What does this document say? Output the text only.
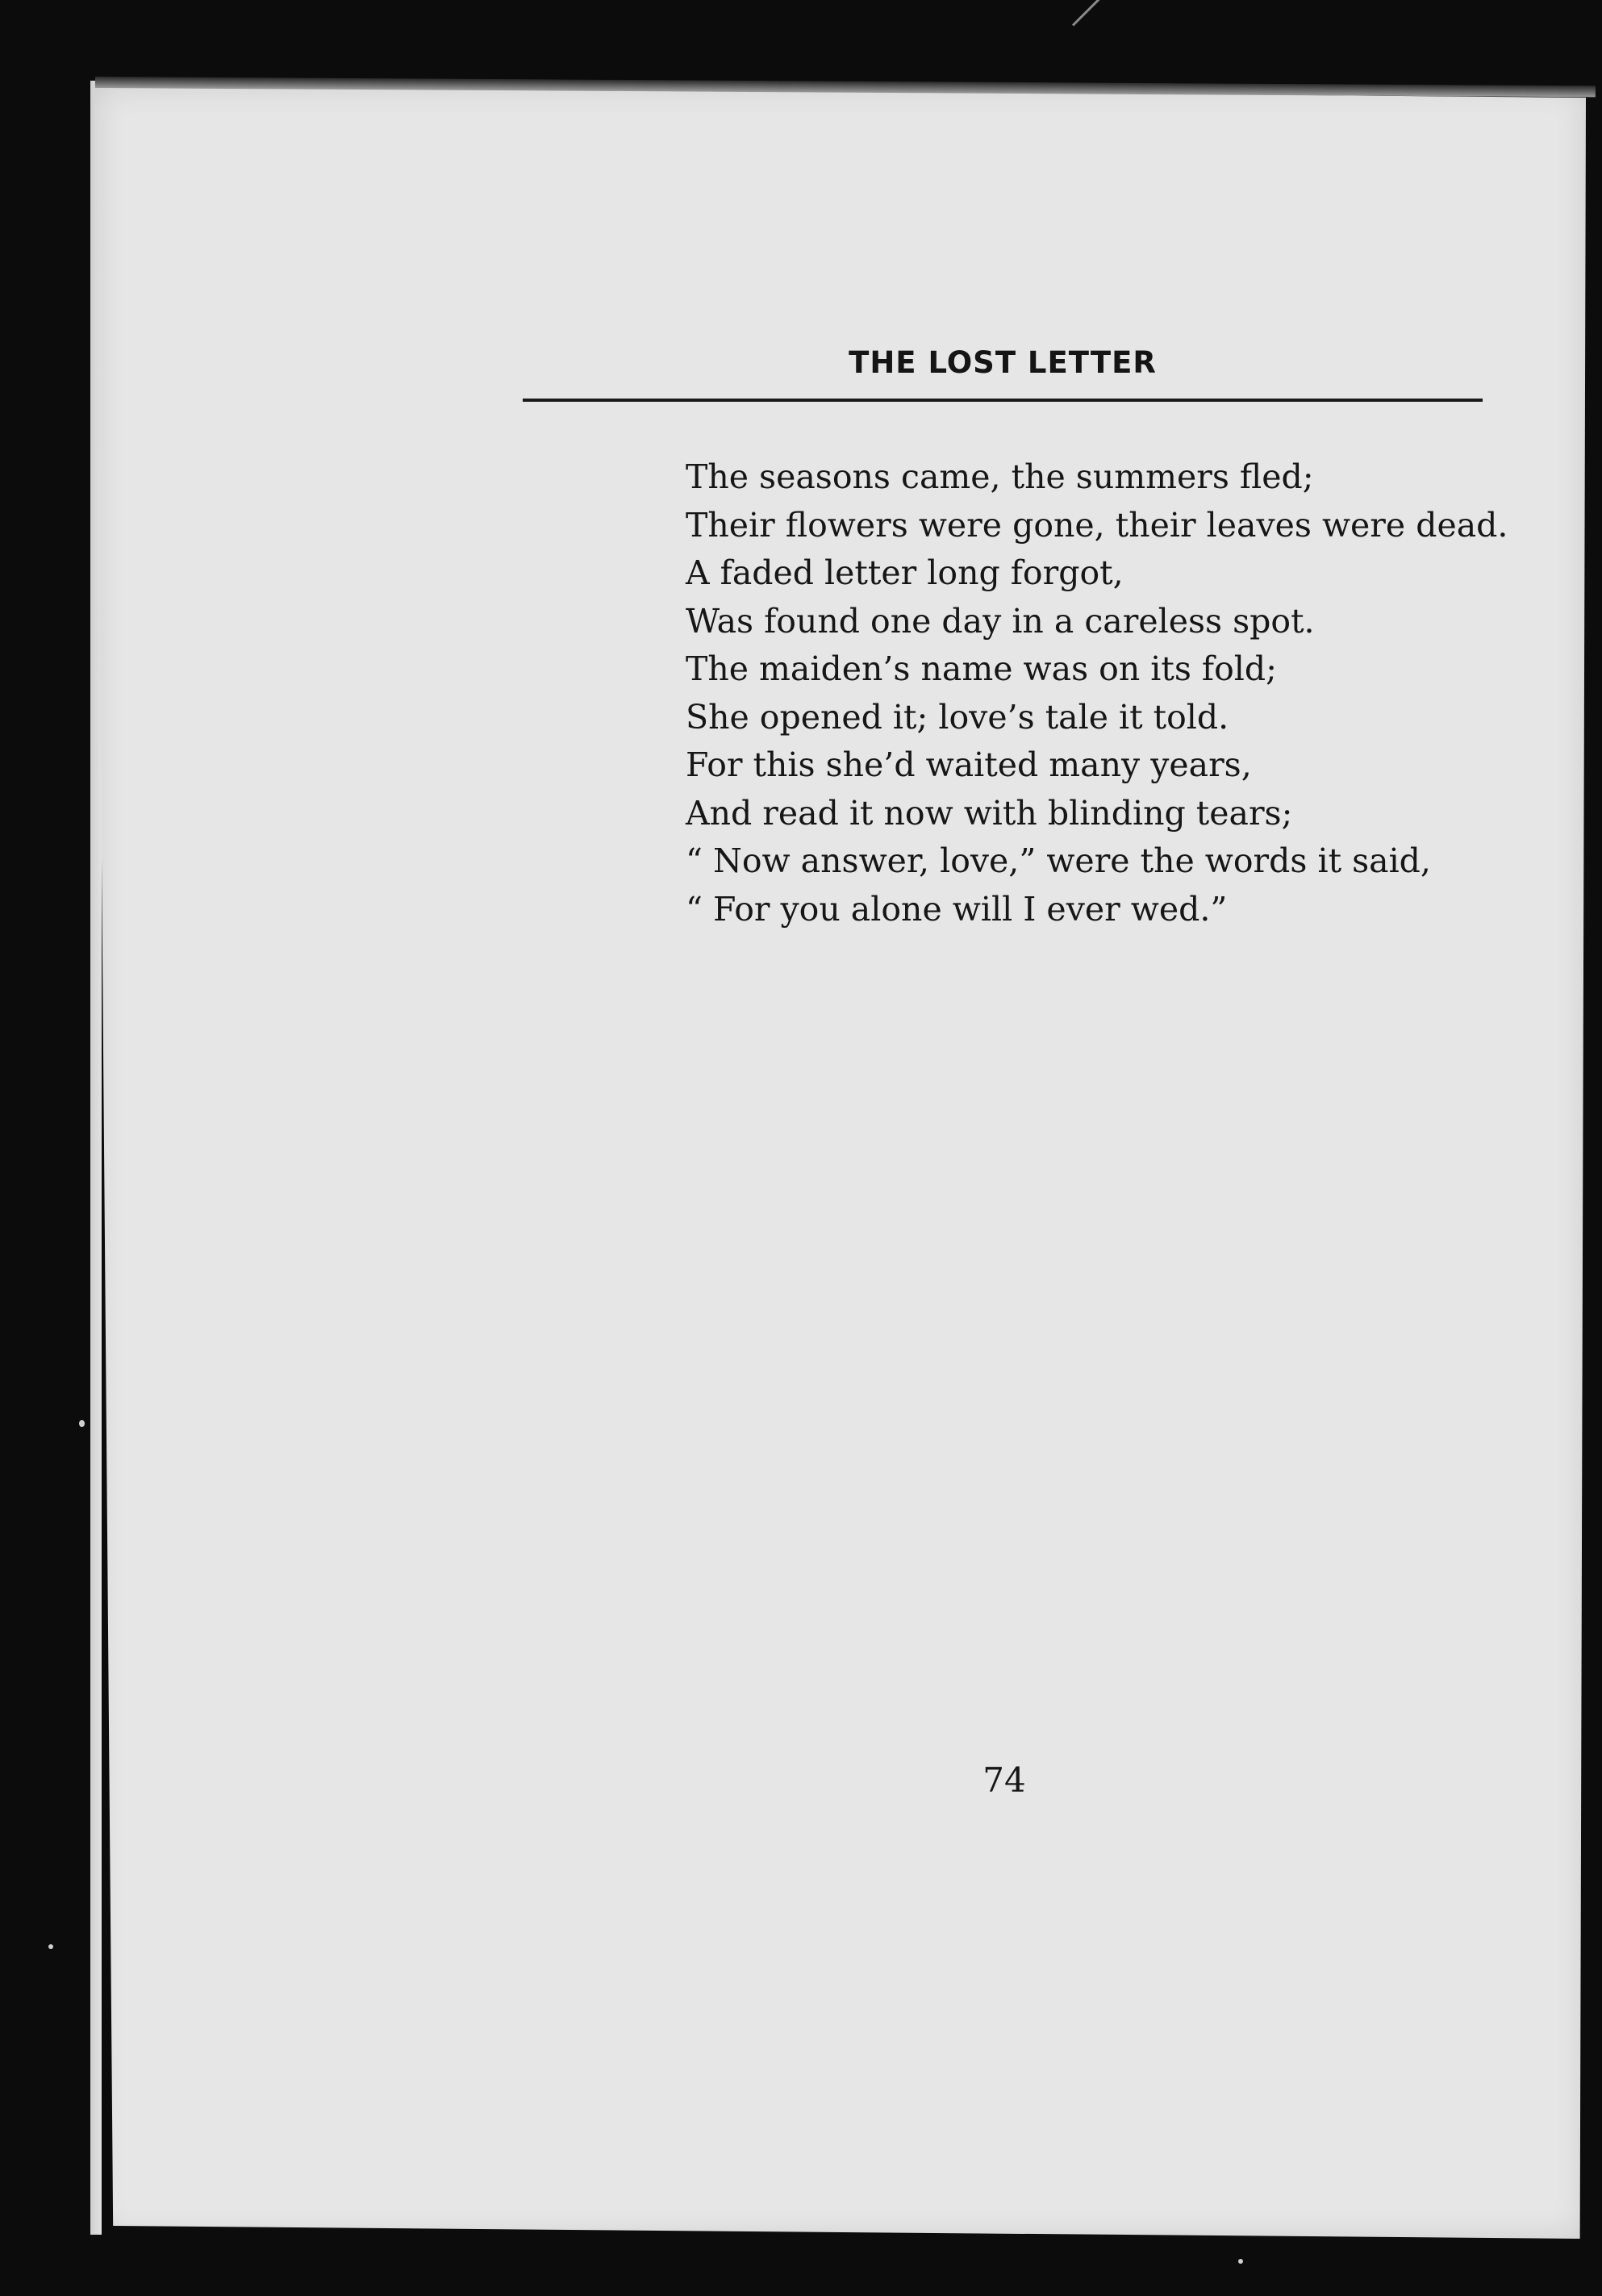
THE LOST LETTER
The seasons came, the summers fled;
Their flowers were gone, their leaves were dead.
A faded letter long forgot,
Was found one day in a careless spot.
The maiden’s name was on its fold;
She opened it; love’s tale it told.
For this she’d waited many years,
And read it now with blinding tears;
“ Now answer, love,” were the words it said,
“ For you alone will I ever wed.”
74
